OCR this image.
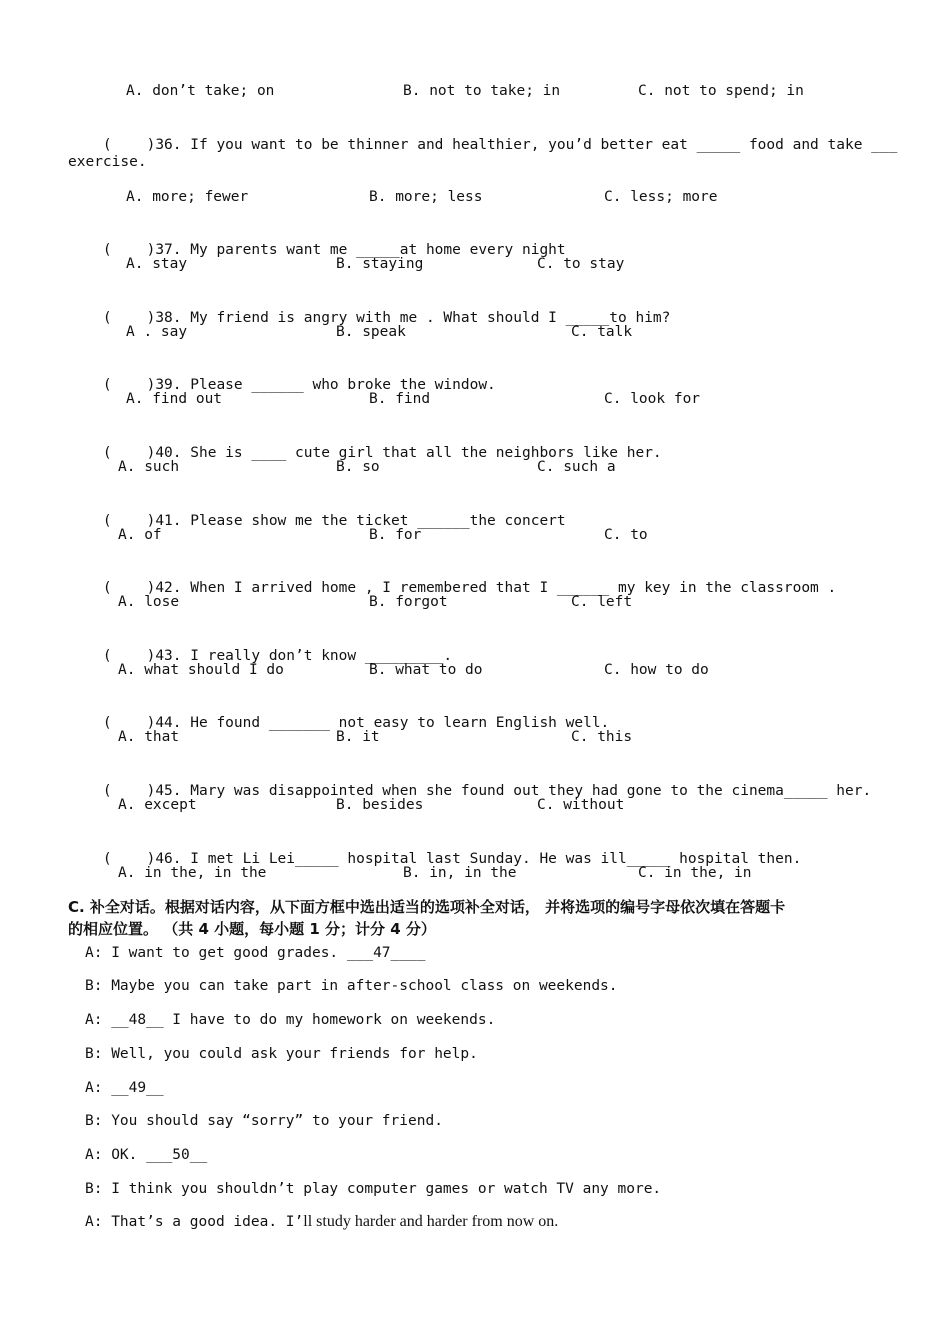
A. don’t take; on	B. not to take; in	C. not to spend; in

(    )36. If you want to be thinner and healthier, you’d better eat _____ food and take ___

exercise.
A. more; fewer	B. more; less	C. less; more

(    )37. My parents want me _____at home every night

A. stay	B. staying	C. to stay

(    )38. My friend is angry with me . What should I _____to him?

A . say	B. speak	C. talk

(    )39. Please ______ who broke the window.

A. find out	B. find	C. look for

(    )40. She is ____ cute girl that all the neighbors like her.

A. such	B. so	C. such a

(    )41. Please show me the ticket ______the concert

A. of	B. for	C. to

(    )42. When I arrived home , I remembered that I ______ my key in the classroom .

A. lose	B. forgot	C. left

(    )43. I really don’t know _________.

A. what should I do	B. what to do	C. how to do

(    )44. He found _______ not easy to learn English well.

A. that	B. it	C. this

(    )45. Mary was disappointed when she found out they had gone to the cinema_____ her.

A. except	B. besides	C. without

(    )46. I met Li Lei_____ hospital last Sunday. He was ill_____ hospital then.

A. in the, in the	B. in, in the	C. in the, in
C. 补全对话。根据对话内容，从下面方框中选出适当的选项补全对话， 并将选项的编号字母依次填在答题卡
的相应位置。 （共 4 小题，每小题 1 分；计分 4 分）
A: I want to get good grades. ___47____
B: Maybe you can take part in after-school class on weekends.
A: __48__ I have to do my homework on weekends.
B: Well, you could ask your friends for help.
A: __49__
B: You should say “sorry” to your friend.
A: OK. ___50__
B: I think you shouldn’t play computer games or watch TV any more.
A: That’s a good idea. I’ll study harder and harder from now on.
